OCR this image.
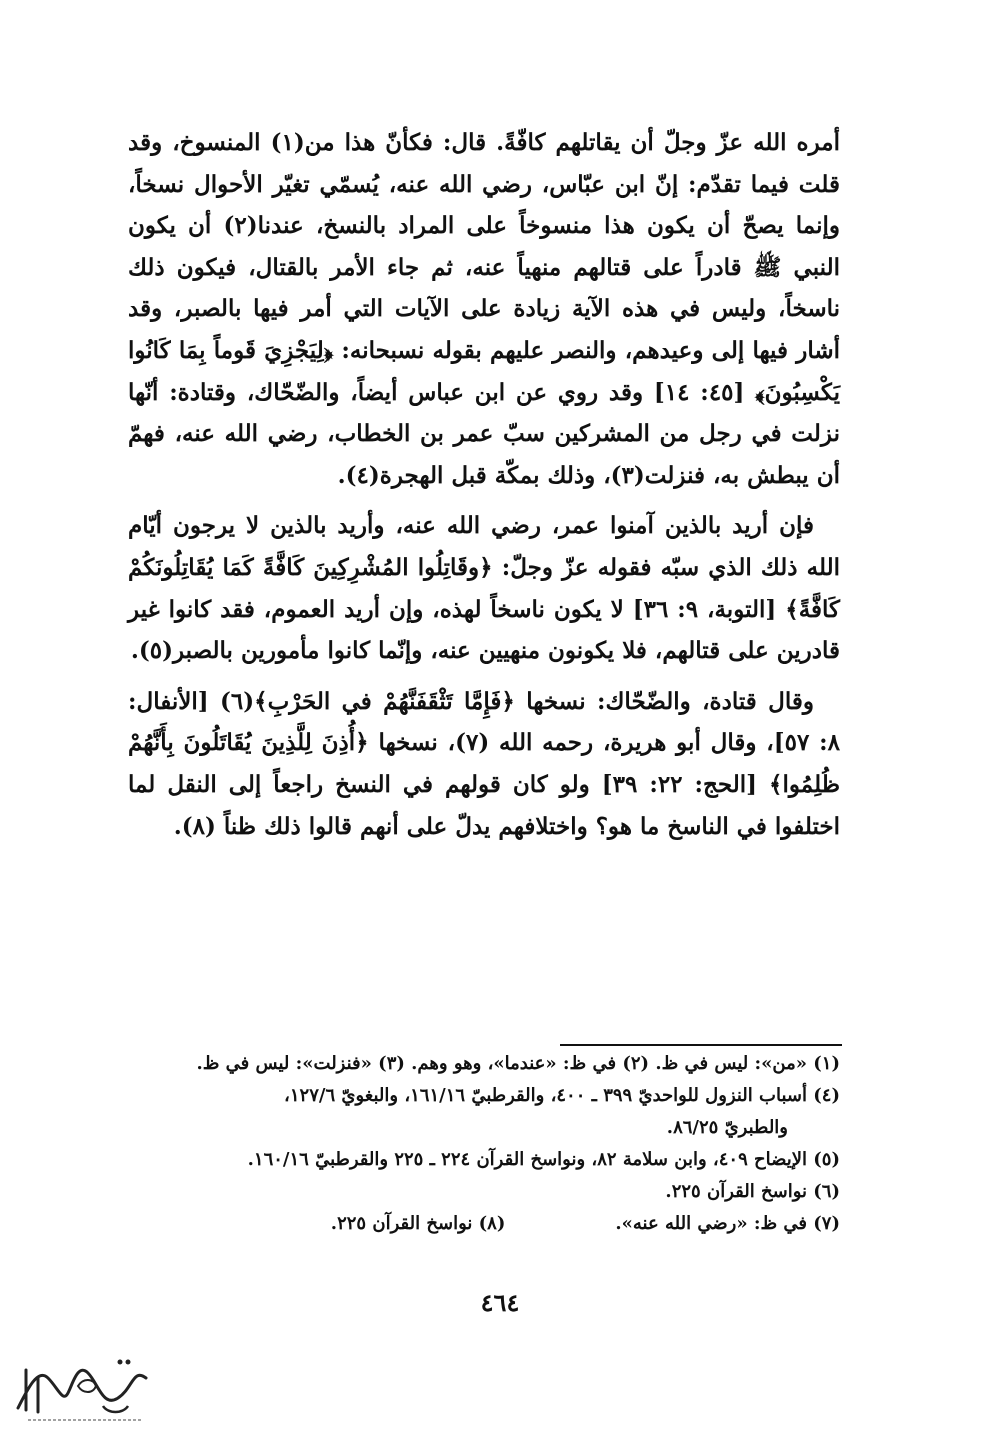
أمره الله عزّ وجلّ أن يقاتلهم كافّةً. قال: فكأنّ هذا من(١) المنسوخ، وقد قلت فيما تقدّم: إنّ ابن عبّاس، رضي الله عنه، يُسمّي تغيّر الأحوال نسخاً، وإنما يصحّ أن يكون هذا منسوخاً على المراد بالنسخ، عندنا(٢) أن يكون النبي ﷺ قادراً على قتالهم منهياً عنه، ثم جاء الأمر بالقتال، فيكون ذلك ناسخاً، وليس في هذه الآية زيادة على الآيات التي أمر فيها بالصبر، وقد أشار فيها إلى وعيدهم، والنصر عليهم بقوله نسبحانه: ﴿لِيَجْزِيَ قَوماً بِمَا كَانُوا يَكْسِبُونَ﴾ [٤٥: ١٤] وقد روي عن ابن عباس أيضاً، والضّحّاك، وقتادة: أنّها نزلت في رجل من المشركين سبّ عمر بن الخطاب، رضي الله عنه، فهمّ أن يبطش به، فنزلت(٣)، وذلك بمكّة قبل الهجرة(٤).

فإن أريد بالذين آمنوا عمر، رضي الله عنه، وأريد بالذين لا يرجون أيّام الله ذلك الذي سبّه فقوله عزّ وجلّ: ﴿وقَاتِلُوا المُشْرِكِينَ كَافَّةً كَمَا يُقَاتِلُونَكُمْ كَافَّةً﴾ [التوبة، ٩: ٣٦] لا يكون ناسخاً لهذه، وإن أريد العموم، فقد كانوا غير قادرين على قتالهم، فلا يكونون منهيين عنه، وإنّما كانوا مأمورين بالصبر(٥).

وقال قتادة، والضّحّاك: نسخها ﴿فَإِمَّا تَثْقَفَنَّهُمْ في الحَرْبِ﴾(٦) [الأنفال: ٨: ٥٧]، وقال أبو هريرة، رحمه الله (٧)، نسخها ﴿أُذِنَ لِلَّذِينَ يُقَاتَلُونَ بِأَنَّهُمْ ظُلِمُوا﴾ [الحج: ٢٢: ٣٩] ولو كان قولهم في النسخ راجعاً إلى النقل لما اختلفوا في الناسخ ما هو؟ واختلافهم يدلّ على أنهم قالوا ذلك ظناً (٨).

(١) «من»: ليس في ظ. (٢) في ظ: «عندما»، وهو وهم. (٣) «فنزلت»: ليس في ظ.

(٤) أسباب النزول للواحديّ ٣٩٩ ـ ٤٠٠، والقرطبيّ ١٦١/١٦، والبغويّ ١٢٧/٦،

والطبريّ ٨٦/٢٥.

(٥) الإيضاح ٤٠٩، وابن سلامة ٨٢، ونواسخ القرآن ٢٢٤ ـ ٢٢٥ والقرطبيّ ١٦٠/١٦.

(٦) نواسخ القرآن ٢٢٥.

(٧) في ظ: «رضي الله عنه».
(٨) نواسخ القرآن ٢٢٥.
٤٦٤
